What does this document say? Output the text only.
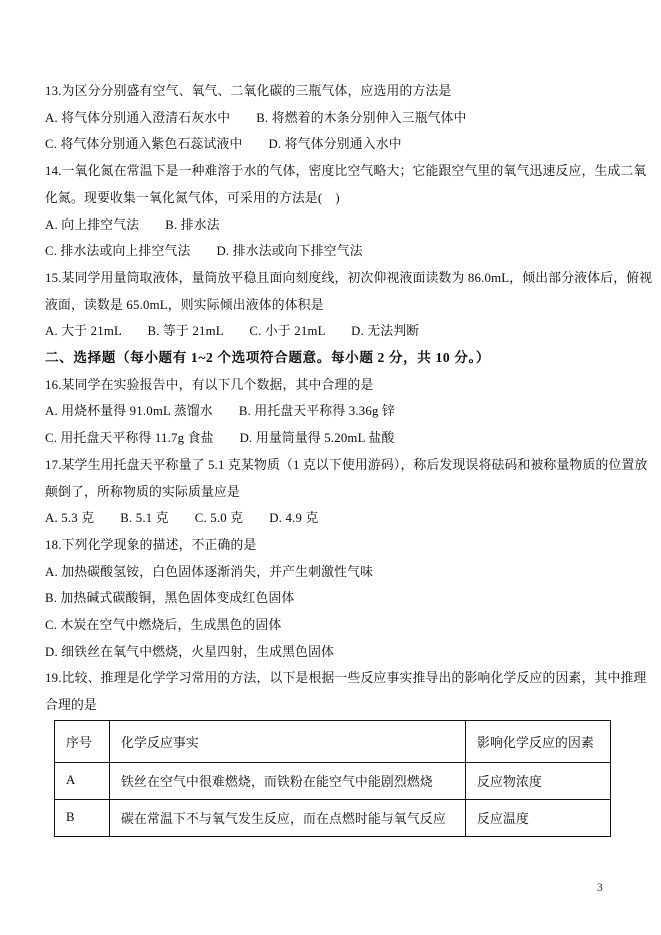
13.为区分分别盛有空气、氧气、二氧化碳的三瓶气体，应选用的方法是

A. 将气体分别通入澄清石灰水中　　B. 将燃着的木条分别伸入三瓶气体中

C. 将气体分别通入紫色石蕊试液中　　D. 将气体分别通入水中

14.一氧化氮在常温下是一种难溶于水的气体，密度比空气略大；它能跟空气里的氧气迅速反应，生成二氧

化氮。现要收集一氧化氮气体，可采用的方法是(　)

A. 向上排空气法　　B. 排水法

C. 排水法或向上排空气法　　D. 排水法或向下排空气法

15.某同学用量筒取液体，量筒放平稳且面向刻度线，初次仰视液面读数为 86.0mL，倾出部分液体后，俯视

液面，读数是 65.0mL，则实际倾出液体的体积是

A. 大于 21mL　　B. 等于 21mL　　C. 小于 21mL　　D. 无法判断

二、选择题（每小题有 1~2 个选项符合题意。每小题 2 分，共 10 分。）

16.某同学在实验报告中，有以下几个数据，其中合理的是

A. 用烧杯量得 91.0mL 蒸馏水　　B. 用托盘天平称得 3.36g 锌

C. 用托盘天平称得 11.7g 食盐　　D. 用量筒量得 5.20mL 盐酸

17.某学生用托盘天平称量了 5.1 克某物质（1 克以下使用游码），称后发现误将砝码和被称量物质的位置放

颠倒了，所称物质的实际质量应是

A. 5.3 克　　B. 5.1 克　　C. 5.0 克　　D. 4.9 克

18.下列化学现象的描述，不正确的是

A. 加热碳酸氢铵，白色固体逐渐消失，并产生刺激性气味

B. 加热碱式碳酸铜，黑色固体变成红色固体

C. 木炭在空气中燃烧后，生成黑色的固体

D. 细铁丝在氧气中燃烧，火星四射，生成黑色固体

19.比较、推理是化学学习常用的方法，以下是根据一些反应事实推导出的影响化学反应的因素，其中推理

合理的是

序号	化学反应事实	影响化学反应的因素
A	铁丝在空气中很难燃烧，而铁粉在能空气中能剧烈燃烧	反应物浓度
B	碳在常温下不与氧气发生反应，而在点燃时能与氧气反应	反应温度
3
